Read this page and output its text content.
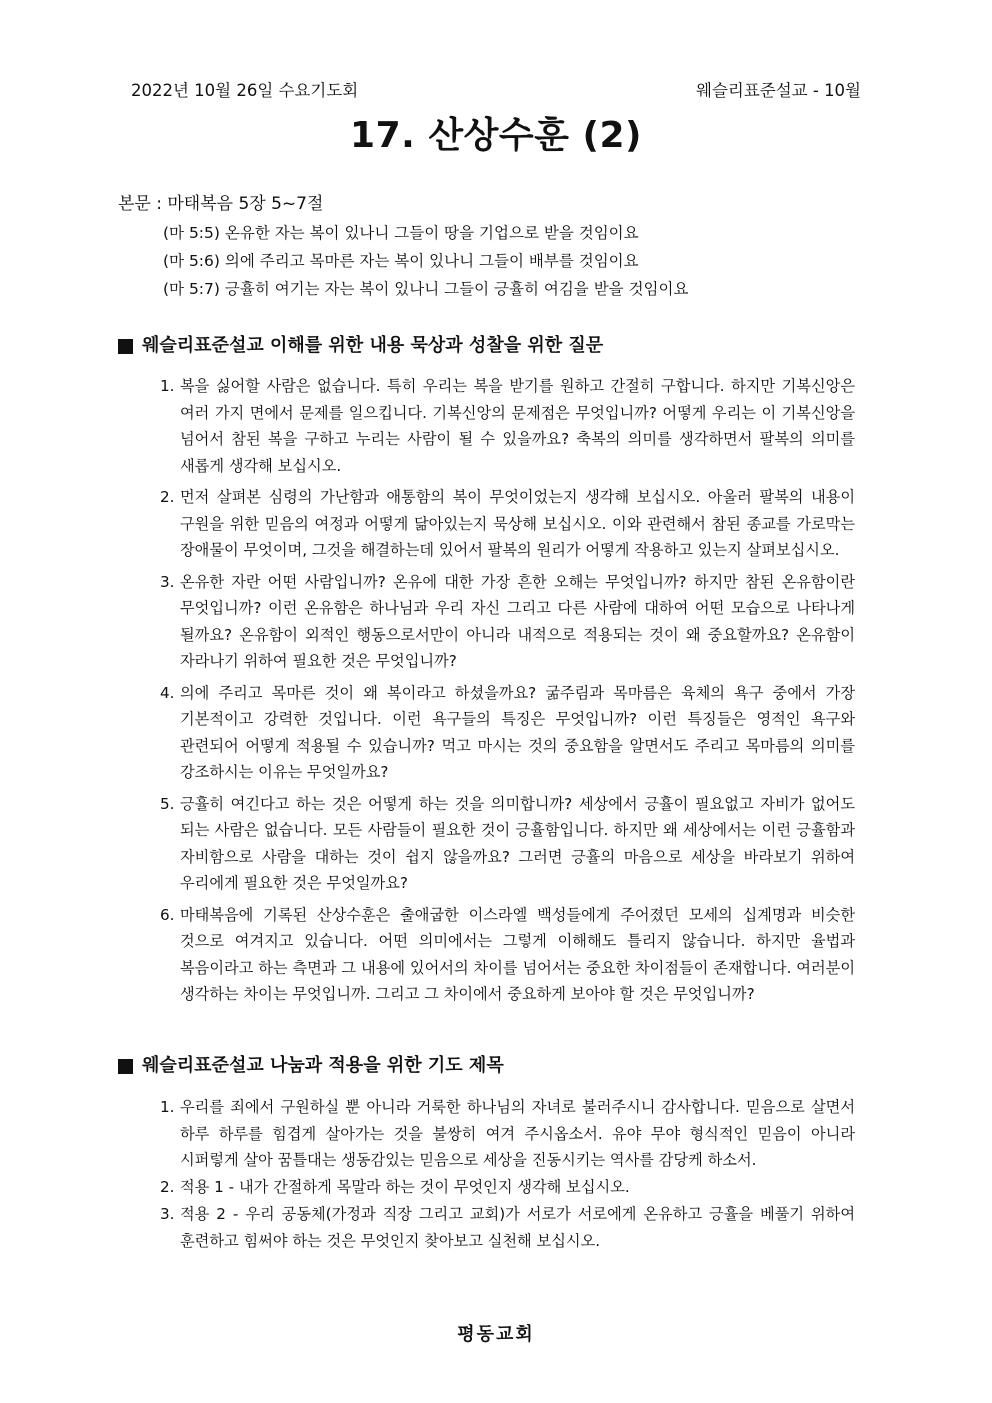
2022년 10월 26일 수요기도회	웨슬리표준설교 - 10월
17. 산상수훈 (2)
본문 : 마태복음 5장 5~7절
(마 5:5) 온유한 자는 복이 있나니 그들이 땅을 기업으로 받을 것임이요
(마 5:6) 의에 주리고 목마른 자는 복이 있나니 그들이 배부를 것임이요
(마 5:7) 긍휼히 여기는 자는 복이 있나니 그들이 긍휼히 여김을 받을 것임이요
웨슬리표준설교 이해를 위한 내용 묵상과 성찰을 위한 질문
1. 복을 싫어할 사람은 없습니다. 특히 우리는 복을 받기를 원하고 간절히 구합니다. 하지만 기복신앙은 여러 가지 면에서 문제를 일으킵니다. 기복신앙의 문제점은 무엇입니까? 어떻게 우리는 이 기복신앙을 넘어서 참된 복을 구하고 누리는 사람이 될 수 있을까요? 축복의 의미를 생각하면서 팔복의 의미를 새롭게 생각해 보십시오.
2. 먼저 살펴본 심령의 가난함과 애통함의 복이 무엇이었는지 생각해 보십시오. 아울러 팔복의 내용이 구원을 위한 믿음의 여정과 어떻게 닮아있는지 묵상해 보십시오. 이와 관련해서 참된 종교를 가로막는 장애물이 무엇이며, 그것을 해결하는데 있어서 팔복의 원리가 어떻게 작용하고 있는지 살펴보십시오.
3. 온유한 자란 어떤 사람입니까? 온유에 대한 가장 흔한 오해는 무엇입니까? 하지만 참된 온유함이란 무엇입니까? 이런 온유함은 하나님과 우리 자신 그리고 다른 사람에 대하여 어떤 모습으로 나타나게 될까요? 온유함이 외적인 행동으로서만이 아니라 내적으로 적용되는 것이 왜 중요할까요? 온유함이 자라나기 위하여 필요한 것은 무엇입니까?
4. 의에 주리고 목마른 것이 왜 복이라고 하셨을까요? 굶주림과 목마름은 육체의 욕구 중에서 가장 기본적이고 강력한 것입니다. 이런 욕구들의 특징은 무엇입니까? 이런 특징들은 영적인 욕구와 관련되어 어떻게 적용될 수 있습니까? 먹고 마시는 것의 중요함을 알면서도 주리고 목마름의 의미를 강조하시는 이유는 무엇일까요?
5. 긍휼히 여긴다고 하는 것은 어떻게 하는 것을 의미합니까? 세상에서 긍휼이 필요없고 자비가 없어도 되는 사람은 없습니다. 모든 사람들이 필요한 것이 긍휼함입니다. 하지만 왜 세상에서는 이런 긍휼함과 자비함으로 사람을 대하는 것이 쉽지 않을까요? 그러면 긍휼의 마음으로 세상을 바라보기 위하여 우리에게 필요한 것은 무엇일까요?
6. 마태복음에 기록된 산상수훈은 출애굽한 이스라엘 백성들에게 주어졌던 모세의 십계명과 비슷한 것으로 여겨지고 있습니다. 어떤 의미에서는 그렇게 이해해도 틀리지 않습니다. 하지만 율법과 복음이라고 하는 측면과 그 내용에 있어서의 차이를 넘어서는 중요한 차이점들이 존재합니다. 여러분이 생각하는 차이는 무엇입니까. 그리고 그 차이에서 중요하게 보아야 할 것은 무엇입니까?
웨슬리표준설교 나눔과 적용을 위한 기도 제목
1. 우리를 죄에서 구원하실 뿐 아니라 거룩한 하나님의 자녀로 불러주시니 감사합니다. 믿음으로 살면서 하루 하루를 힘겹게 살아가는 것을 불쌍히 여겨 주시옵소서. 유야 무야 형식적인 믿음이 아니라 시퍼렇게 살아 꿈틀대는 생동감있는 믿음으로 세상을 진동시키는 역사를 감당케 하소서.
2. 적용 1 - 내가 간절하게 목말라 하는 것이 무엇인지 생각해 보십시오.
3. 적용 2 - 우리 공동체(가정과 직장 그리고 교회)가 서로가 서로에게 온유하고 긍휼을 베풀기 위하여 훈련하고 힘써야 하는 것은 무엇인지 찾아보고 실천해 보십시오.
평동교회
